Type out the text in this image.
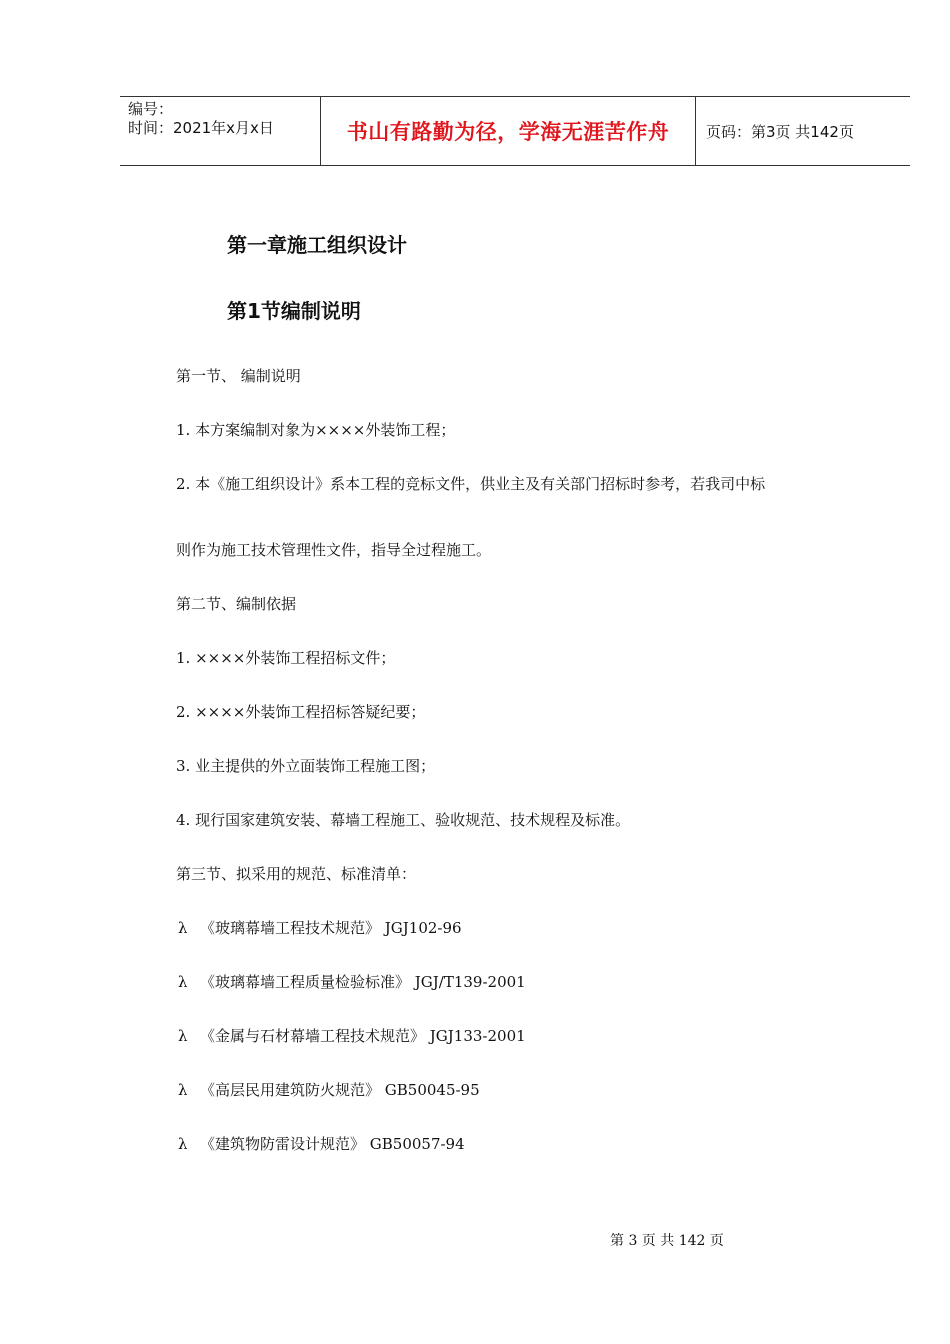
编号：
时间：2021年x月x日	书山有路勤为径，学海无涯苦作舟 页码：第3页 共142页
第一章施工组织设计
第1节编制说明
第一节、 编制说明
1. 本方案编制对象为××××外装饰工程；
2. 本《施工组织设计》系本工程的竞标文件，供业主及有关部门招标时参考，若我司中标
则作为施工技术管理性文件，指导全过程施工。
第二节、编制依据
1. ××××外装饰工程招标文件；
2. ××××外装饰工程招标答疑纪要；
3. 业主提供的外立面装饰工程施工图；
4. 现行国家建筑安装、幕墙工程施工、验收规范、技术规程及标准。
第三节、拟采用的规范、标准清单：
λ 《玻璃幕墙工程技术规范》 JGJ102-96
λ 《玻璃幕墙工程质量检验标准》 JGJ/T139-2001
λ 《金属与石材幕墙工程技术规范》 JGJ133-2001
λ 《高层民用建筑防火规范》 GB50045-95
λ 《建筑物防雷设计规范》 GB50057-94
第 3 页 共 142 页
